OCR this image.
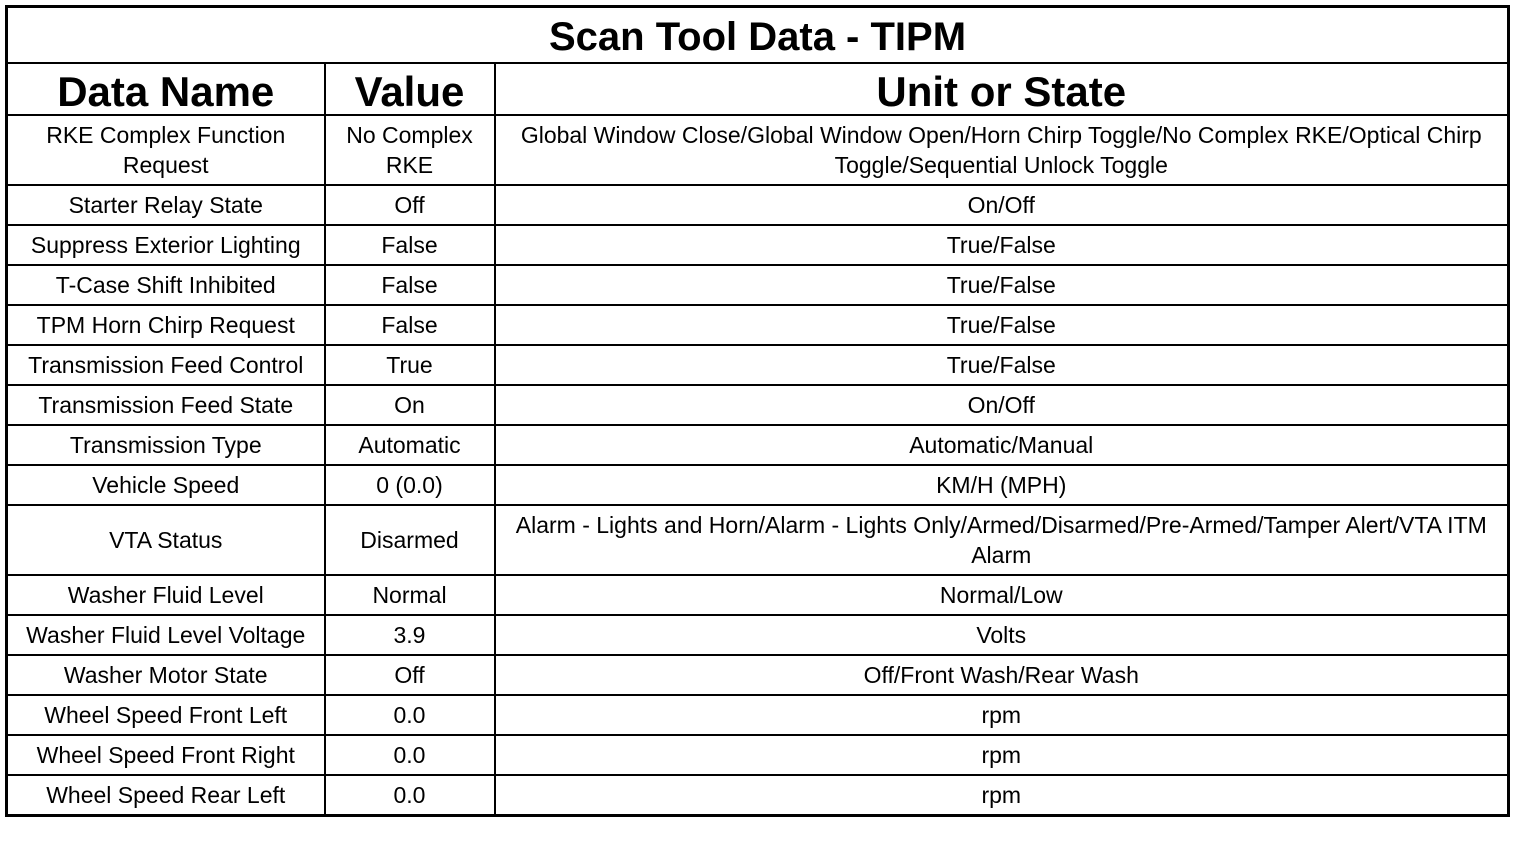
Scan Tool Data - TIPM		
Data Name	Value	Unit or State
RKE Complex Function Request	No Complex RKE	Global Window Close/Global Window Open/Horn Chirp Toggle/No Complex RKE/Optical Chirp Toggle/Sequential Unlock Toggle
Starter Relay State	Off	On/Off
Suppress Exterior Lighting	False	True/False
T-Case Shift Inhibited	False	True/False
TPM Horn Chirp Request	False	True/False
Transmission Feed Control	True	True/False
Transmission Feed State	On	On/Off
Transmission Type	Automatic	Automatic/Manual
Vehicle Speed	0 (0.0)	KM/H (MPH)
VTA Status	Disarmed	Alarm - Lights and Horn/Alarm - Lights Only/Armed/Disarmed/Pre-Armed/Tamper Alert/VTA ITM Alarm
Washer Fluid Level	Normal	Normal/Low
Washer Fluid Level Voltage	3.9	Volts
Washer Motor State	Off	Off/Front Wash/Rear Wash
Wheel Speed Front Left	0.0	rpm
Wheel Speed Front Right	0.0	rpm
Wheel Speed Rear Left	0.0	rpm
